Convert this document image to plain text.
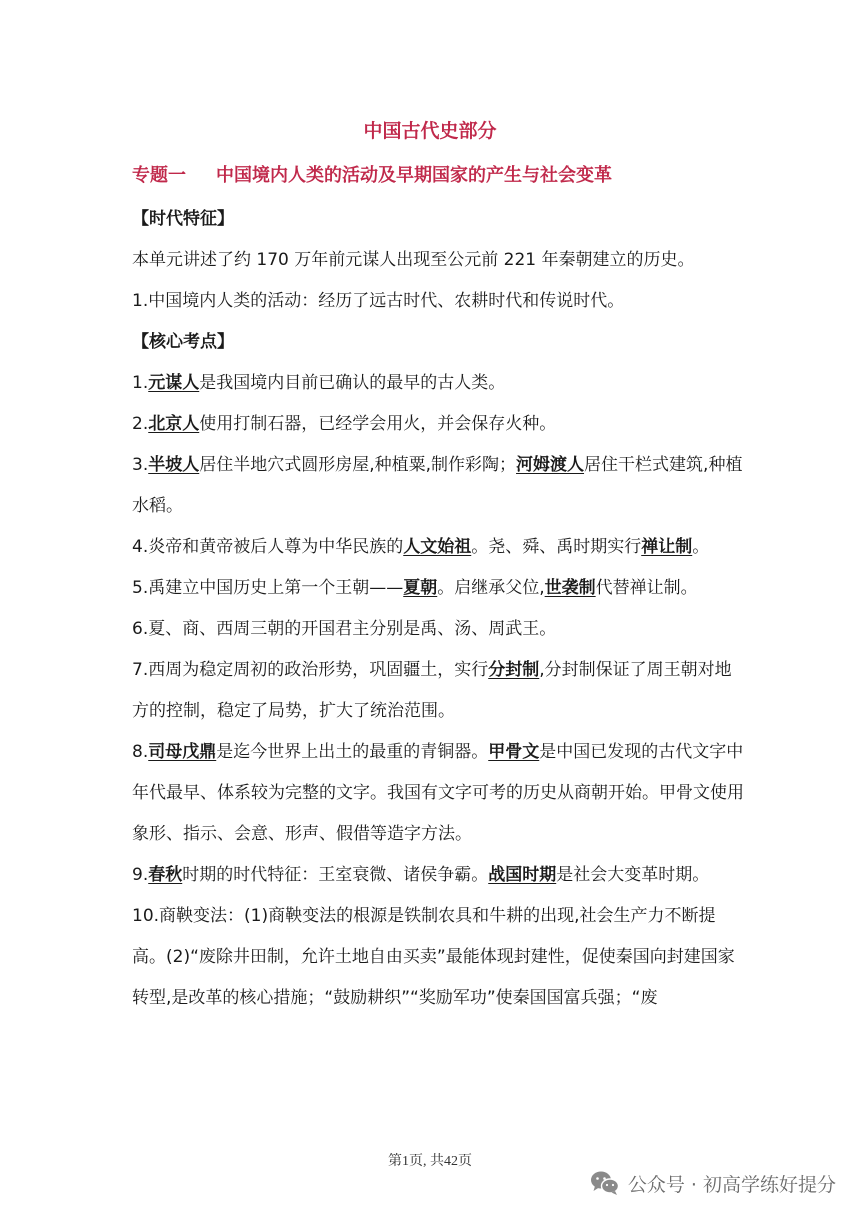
中国古代史部分
专题一 中国境内人类的活动及早期国家的产生与社会变革

【时代特征】

本单元讲述了约 170 万年前元谋人出现至公元前 221 年秦朝建立的历史。

1.中国境内人类的活动：经历了远古时代、农耕时代和传说时代。

【核心考点】

1.元谋人是我国境内目前已确认的最早的古人类。

2.北京人使用打制石器，已经学会用火，并会保存火种。

3.半坡人居住半地穴式圆形房屋,种植粟,制作彩陶；河姆渡人居住干栏式建筑,种植水稻。

4.炎帝和黄帝被后人尊为中华民族的人文始祖。尧、舜、禹时期实行禅让制。

5.禹建立中国历史上第一个王朝——夏朝。启继承父位,世袭制代替禅让制。

6.夏、商、西周三朝的开国君主分别是禹、汤、周武王。

7.西周为稳定周初的政治形势，巩固疆土，实行分封制,分封制保证了周王朝对地方的控制，稳定了局势，扩大了统治范围。

8.司母戊鼎是迄今世界上出土的最重的青铜器。甲骨文是中国已发现的古代文字中年代最早、体系较为完整的文字。我国有文字可考的历史从商朝开始。甲骨文使用象形、指示、会意、形声、假借等造字方法。

9.春秋时期的时代特征：王室衰微、诸侯争霸。战国时期是社会大变革时期。

10.商鞅变法：(1)商鞅变法的根源是铁制农具和牛耕的出现,社会生产力不断提高。(2)“废除井田制，允许土地自由买卖”最能体现封建性，促使秦国向封建国家转型,是改革的核心措施；“鼓励耕织”“奖励军功”使秦国国富兵强；“废

第1页, 共42页
公众号 · 初高学练好提分
